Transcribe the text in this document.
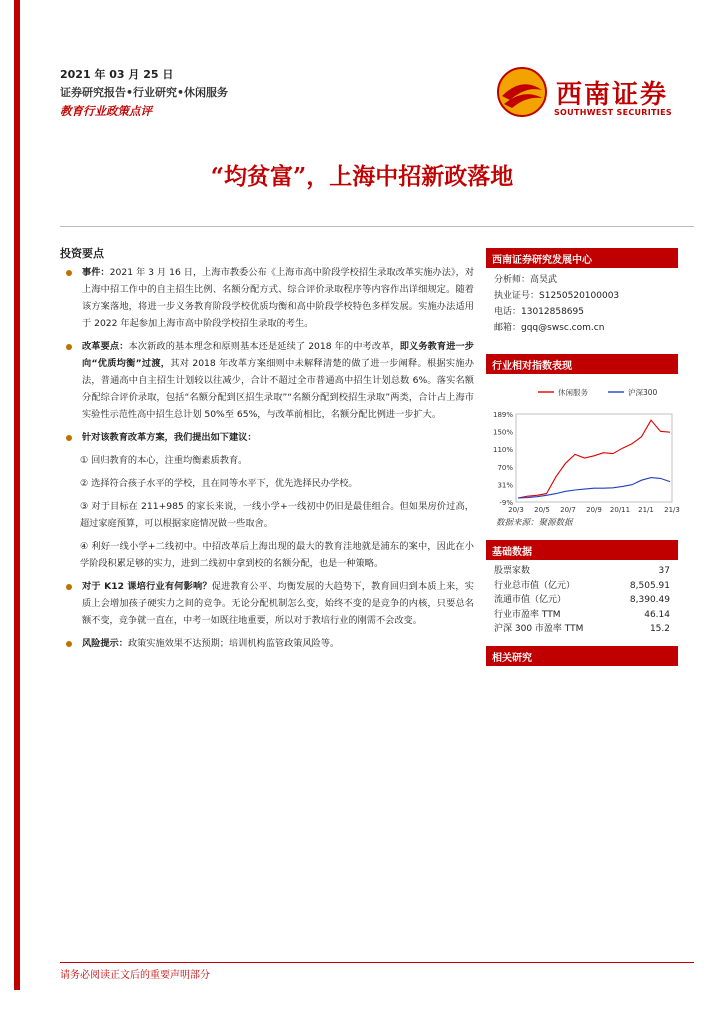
2021 年 03 月 25 日
证券研究报告•行业研究•休闲服务
教育行业政策点评
西南证券
SOUTHWEST SECURITIES
“均贫富”，上海中招新政落地
投资要点
事件：2021 年 3 月 16 日，上海市教委公布《上海市高中阶段学校招生录取改革实施办法》，对上海中招工作中的自主招生比例、名额分配方式、综合评价录取程序等内容作出详细规定。随着该方案落地，将进一步义务教育阶段学校优质均衡和高中阶段学校特色多样发展。实施办法适用于 2022 年起参加上海市高中阶段学校招生录取的考生。
改革要点：本次新政的基本理念和原则基本还是延续了 2018 年的中考改革，即义务教育进一步向“优质均衡”过渡，其对 2018 年改革方案细则中未解释清楚的做了进一步阐释。根据实施办法，普通高中自主招生计划较以往减少，合计不超过全市普通高中招生计划总数 6%。落实名额分配综合评价录取，包括“名额分配到区招生录取”“名额分配到校招生录取”两类，合计占上海市实验性示范性高中招生总计划 50%至 65%，与改革前相比，名额分配比例进一步扩大。
针对该教育改革方案，我们提出如下建议：
① 回归教育的本心，注重均衡素质教育。
② 选择符合孩子水平的学校，且在同等水平下，优先选择民办学校。
③ 对于目标在 211+985 的家长来说，一线小学+一线初中仍旧是最佳组合。但如果房价过高，超过家庭预算，可以根据家庭情况做一些取舍。
④ 利好一线小学+二线初中。中招改革后上海出现的最大的教育洼地就是浦东的案中，因此在小学阶段积累足够的实力，进到二线初中拿到校的名额分配，也是一种策略。
对于 K12 课培行业有何影响？促进教育公平、均衡发展的大趋势下，教育回归到本质上来，实质上会增加孩子硬实力之间的竞争。无论分配机制怎么变，始终不变的是竞争的内核，只要总名额不变，竞争就一直在，中考一如既往地重要，所以对于教培行业的刚需不会改变。
风险提示：政策实施效果不达预期；培训机构监管政策风险等。
西南证券研究发展中心
分析师：高昊武
执业证号：S1250520100003
电话：13012858695
邮箱：gqq@swsc.com.cn
行业相对指数表现
-9%
31%
70%
110%
150%
189%
20/3 20/5 20/7 20/9 20/11 21/1 21/3
休闲服务	沪深300
数据来源：聚源数据
基础数据
股票家数	37
行业总市值（亿元）	8,505.91
流通市值（亿元）	8,390.49
行业市盈率 TTM	46.14
沪深 300 市盈率 TTM	15.2
相关研究
请务必阅读正文后的重要声明部分
